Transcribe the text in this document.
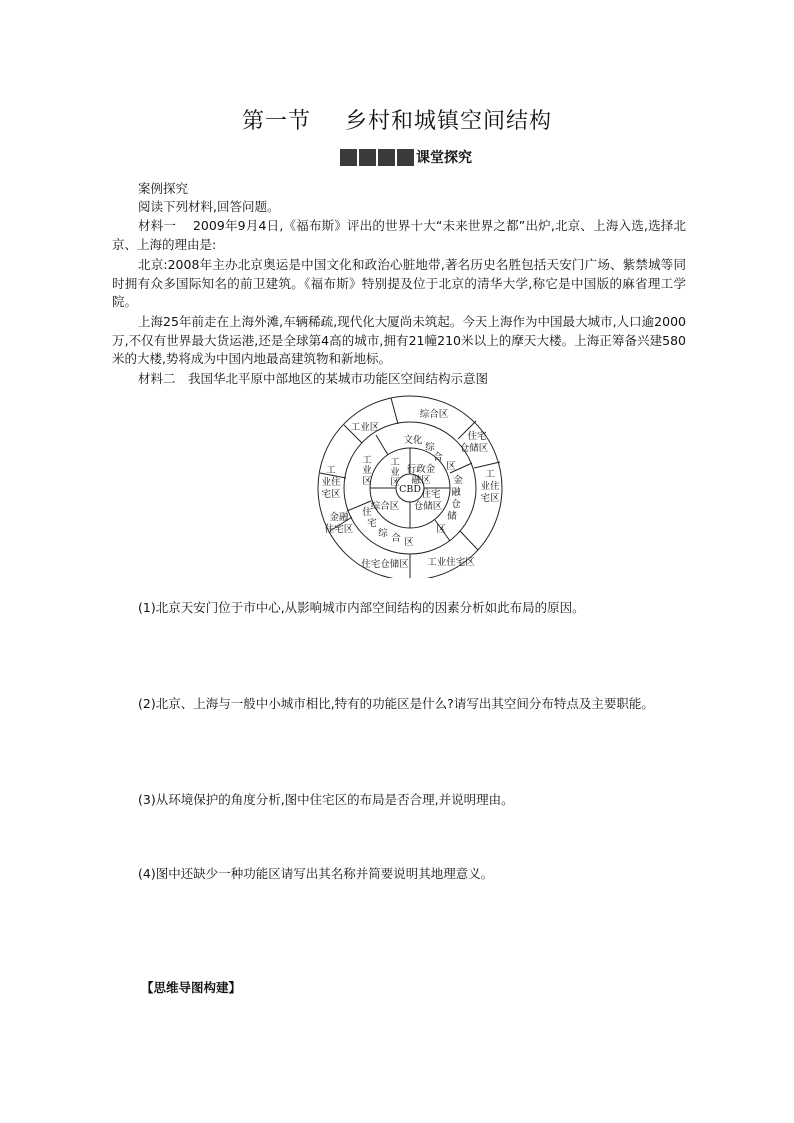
第一节 乡村和城镇空间结构
课堂探究
案例探究
阅读下列材料,回答问题。
材料一　 2009年9月4日,《福布斯》评出的世界十大“未来世界之都”出炉,北京、上海入选,选择北京、上海的理由是:
北京:2008年主办北京奥运是中国文化和政治心脏地带,著名历史名胜包括天安门广场、紫禁城等同时拥有众多国际知名的前卫建筑。《福布斯》特别提及位于北京的清华大学,称它是中国版的麻省理工学院。
上海25年前走在上海外滩,车辆稀疏,现代化大厦尚未筑起。今天上海作为中国最大城市,人口逾2000万,不仅有世界最大货运港,还是全球第4高的城市,拥有21幢210米以上的摩天大楼。上海正筹备兴建580米的大楼,势将成为中国内地最高建筑物和新地标。
材料二　我国华北平原中部地区的某城市功能区空间结构示意图
CBD
行政金
融区
住宅
仓储区
综合区
工
业
区
文化
综
合
区
金
融
仓
储
区
住
宅
综 合 区
工
业
区
综合区
住宅
仓储区
工
业住
宅区
工业住宅区
住宅仓储区
金融
住宅区
工
业住
宅区
工业区
(1)北京天安门位于市中心,从影响城市内部空间结构的因素分析如此布局的原因。
(2)北京、上海与一般中小城市相比,特有的功能区是什么?请写出其空间分布特点及主要职能。
(3)从环境保护的角度分析,图中住宅区的布局是否合理,并说明理由。
(4)图中还缺少一种功能区请写出其名称并简要说明其地理意义。
【思维导图构建】
